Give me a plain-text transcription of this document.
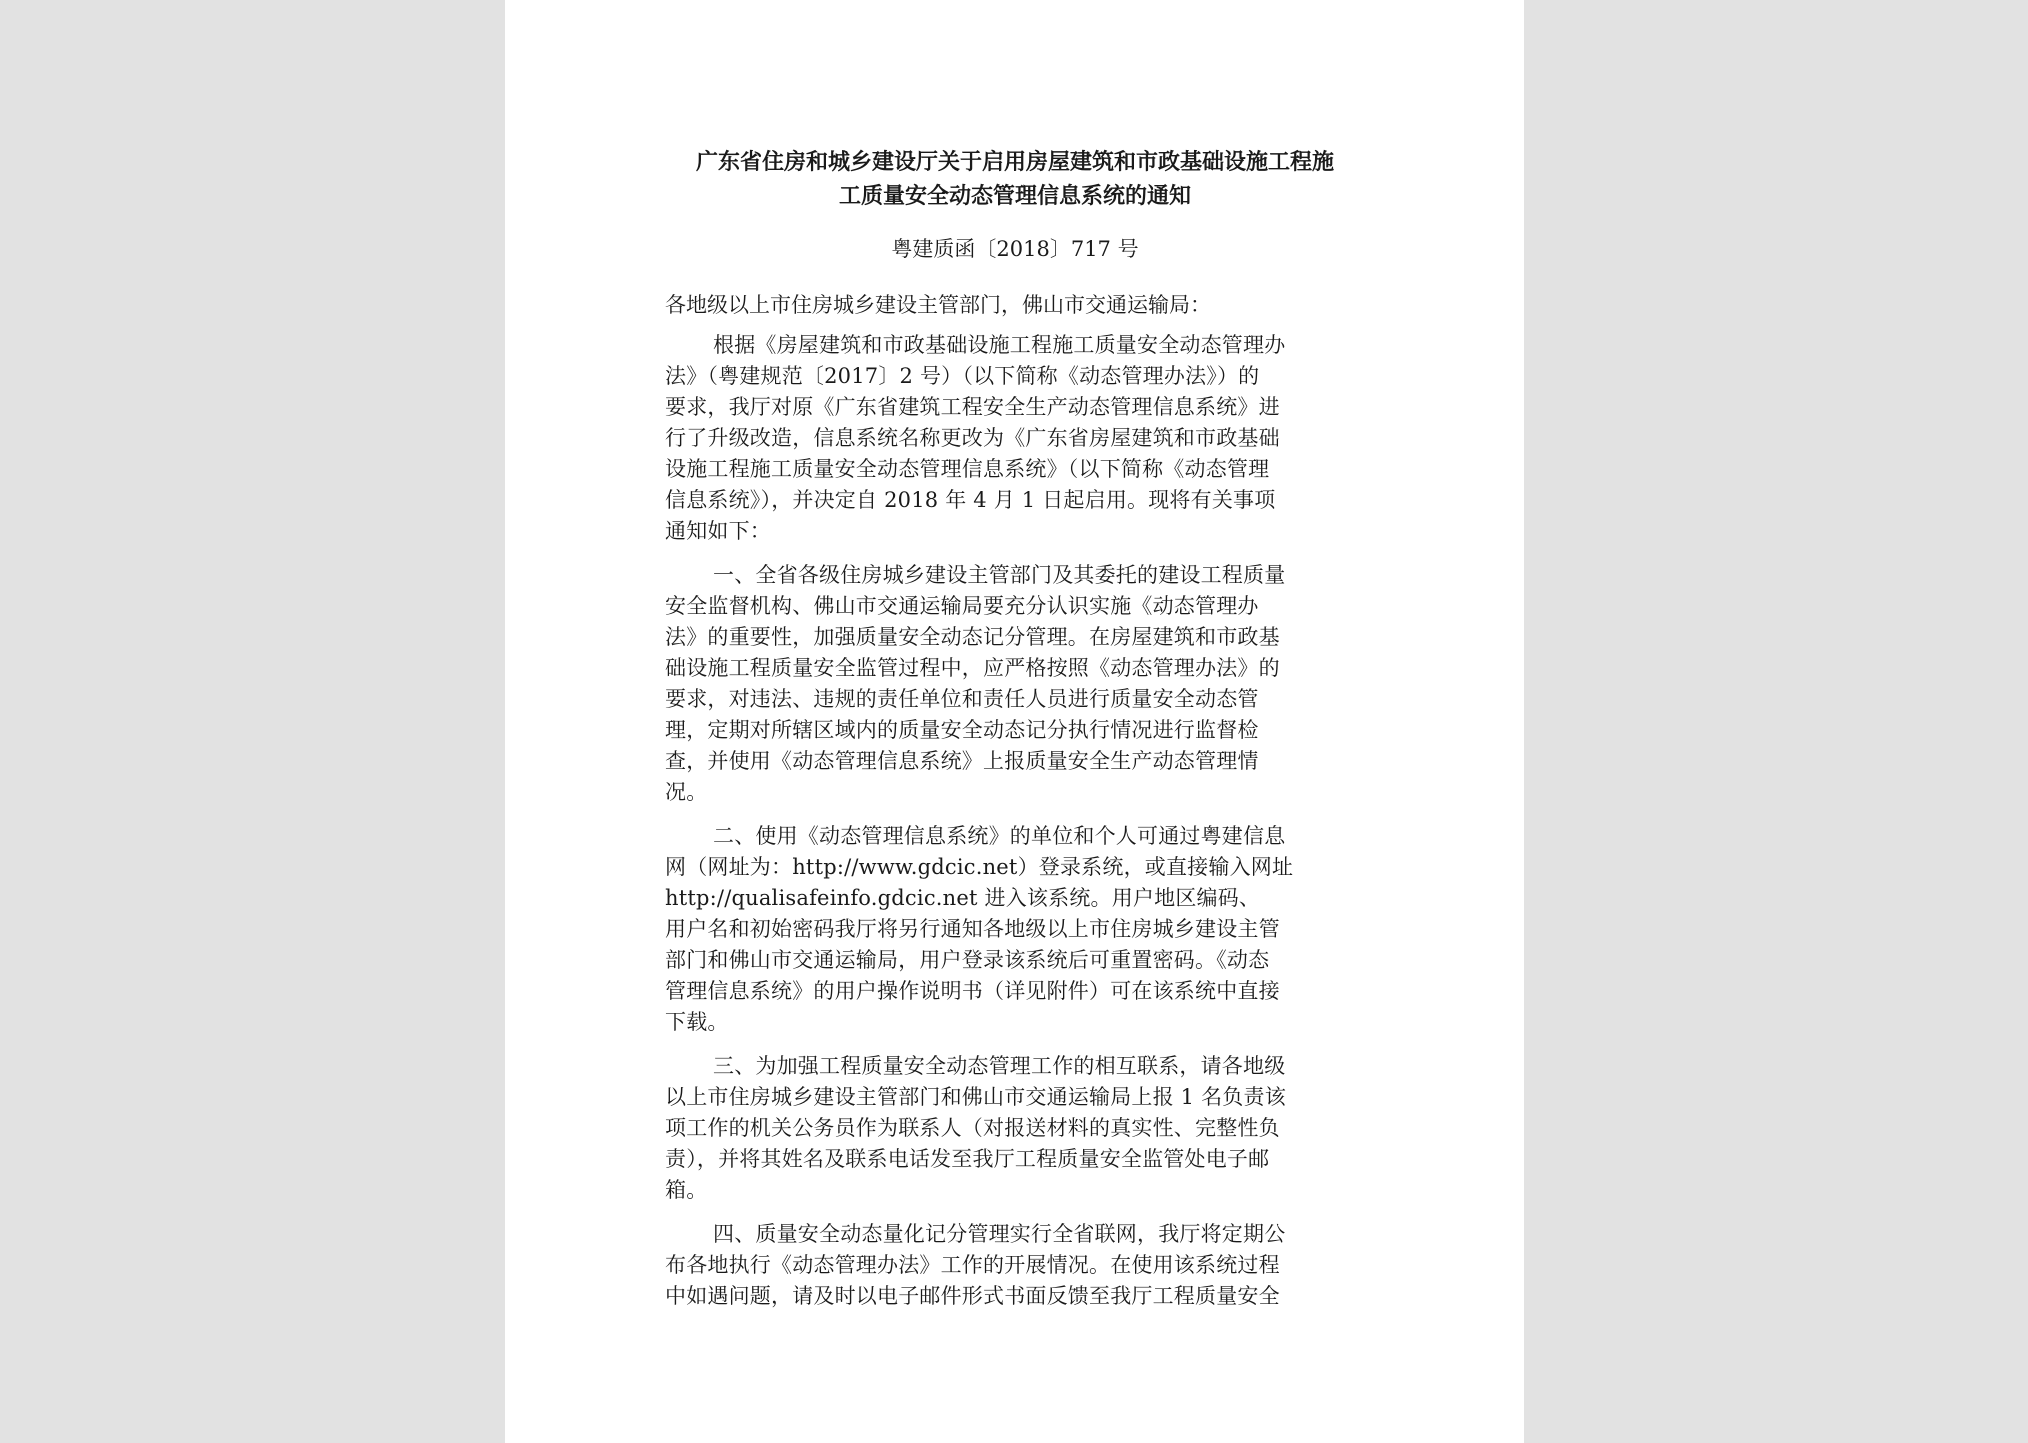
广东省住房和城乡建设厅关于启用房屋建筑和市政基础设施工程施
工质量安全动态管理信息系统的通知
粤建质函〔2018〕717 号

各地级以上市住房城乡建设主管部门，佛山市交通运输局：

根据《房屋建筑和市政基础设施工程施工质量安全动态管理办
法》（粤建规范〔2017〕2 号）（以下简称《动态管理办法》）的
要求，我厅对原《广东省建筑工程安全生产动态管理信息系统》进
行了升级改造，信息系统名称更改为《广东省房屋建筑和市政基础
设施工程施工质量安全动态管理信息系统》（以下简称《动态管理
信息系统》），并决定自 2018 年 4 月 1 日起启用。现将有关事项
通知如下：

一、全省各级住房城乡建设主管部门及其委托的建设工程质量
安全监督机构、佛山市交通运输局要充分认识实施《动态管理办
法》的重要性，加强质量安全动态记分管理。在房屋建筑和市政基
础设施工程质量安全监管过程中，应严格按照《动态管理办法》的
要求，对违法、违规的责任单位和责任人员进行质量安全动态管
理，定期对所辖区域内的质量安全动态记分执行情况进行监督检
查，并使用《动态管理信息系统》上报质量安全生产动态管理情
况。

二、使用《动态管理信息系统》的单位和个人可通过粤建信息
网（网址为：http://www.gdcic.net）登录系统，或直接输入网址
http://qualisafeinfo.gdcic.net 进入该系统。用户地区编码、
用户名和初始密码我厅将另行通知各地级以上市住房城乡建设主管
部门和佛山市交通运输局，用户登录该系统后可重置密码。《动态
管理信息系统》的用户操作说明书（详见附件）可在该系统中直接
下载。

三、为加强工程质量安全动态管理工作的相互联系，请各地级
以上市住房城乡建设主管部门和佛山市交通运输局上报 1 名负责该
项工作的机关公务员作为联系人（对报送材料的真实性、完整性负
责），并将其姓名及联系电话发至我厅工程质量安全监管处电子邮
箱。

四、质量安全动态量化记分管理实行全省联网，我厅将定期公
布各地执行《动态管理办法》工作的开展情况。在使用该系统过程
中如遇问题，请及时以电子邮件形式书面反馈至我厅工程质量安全
